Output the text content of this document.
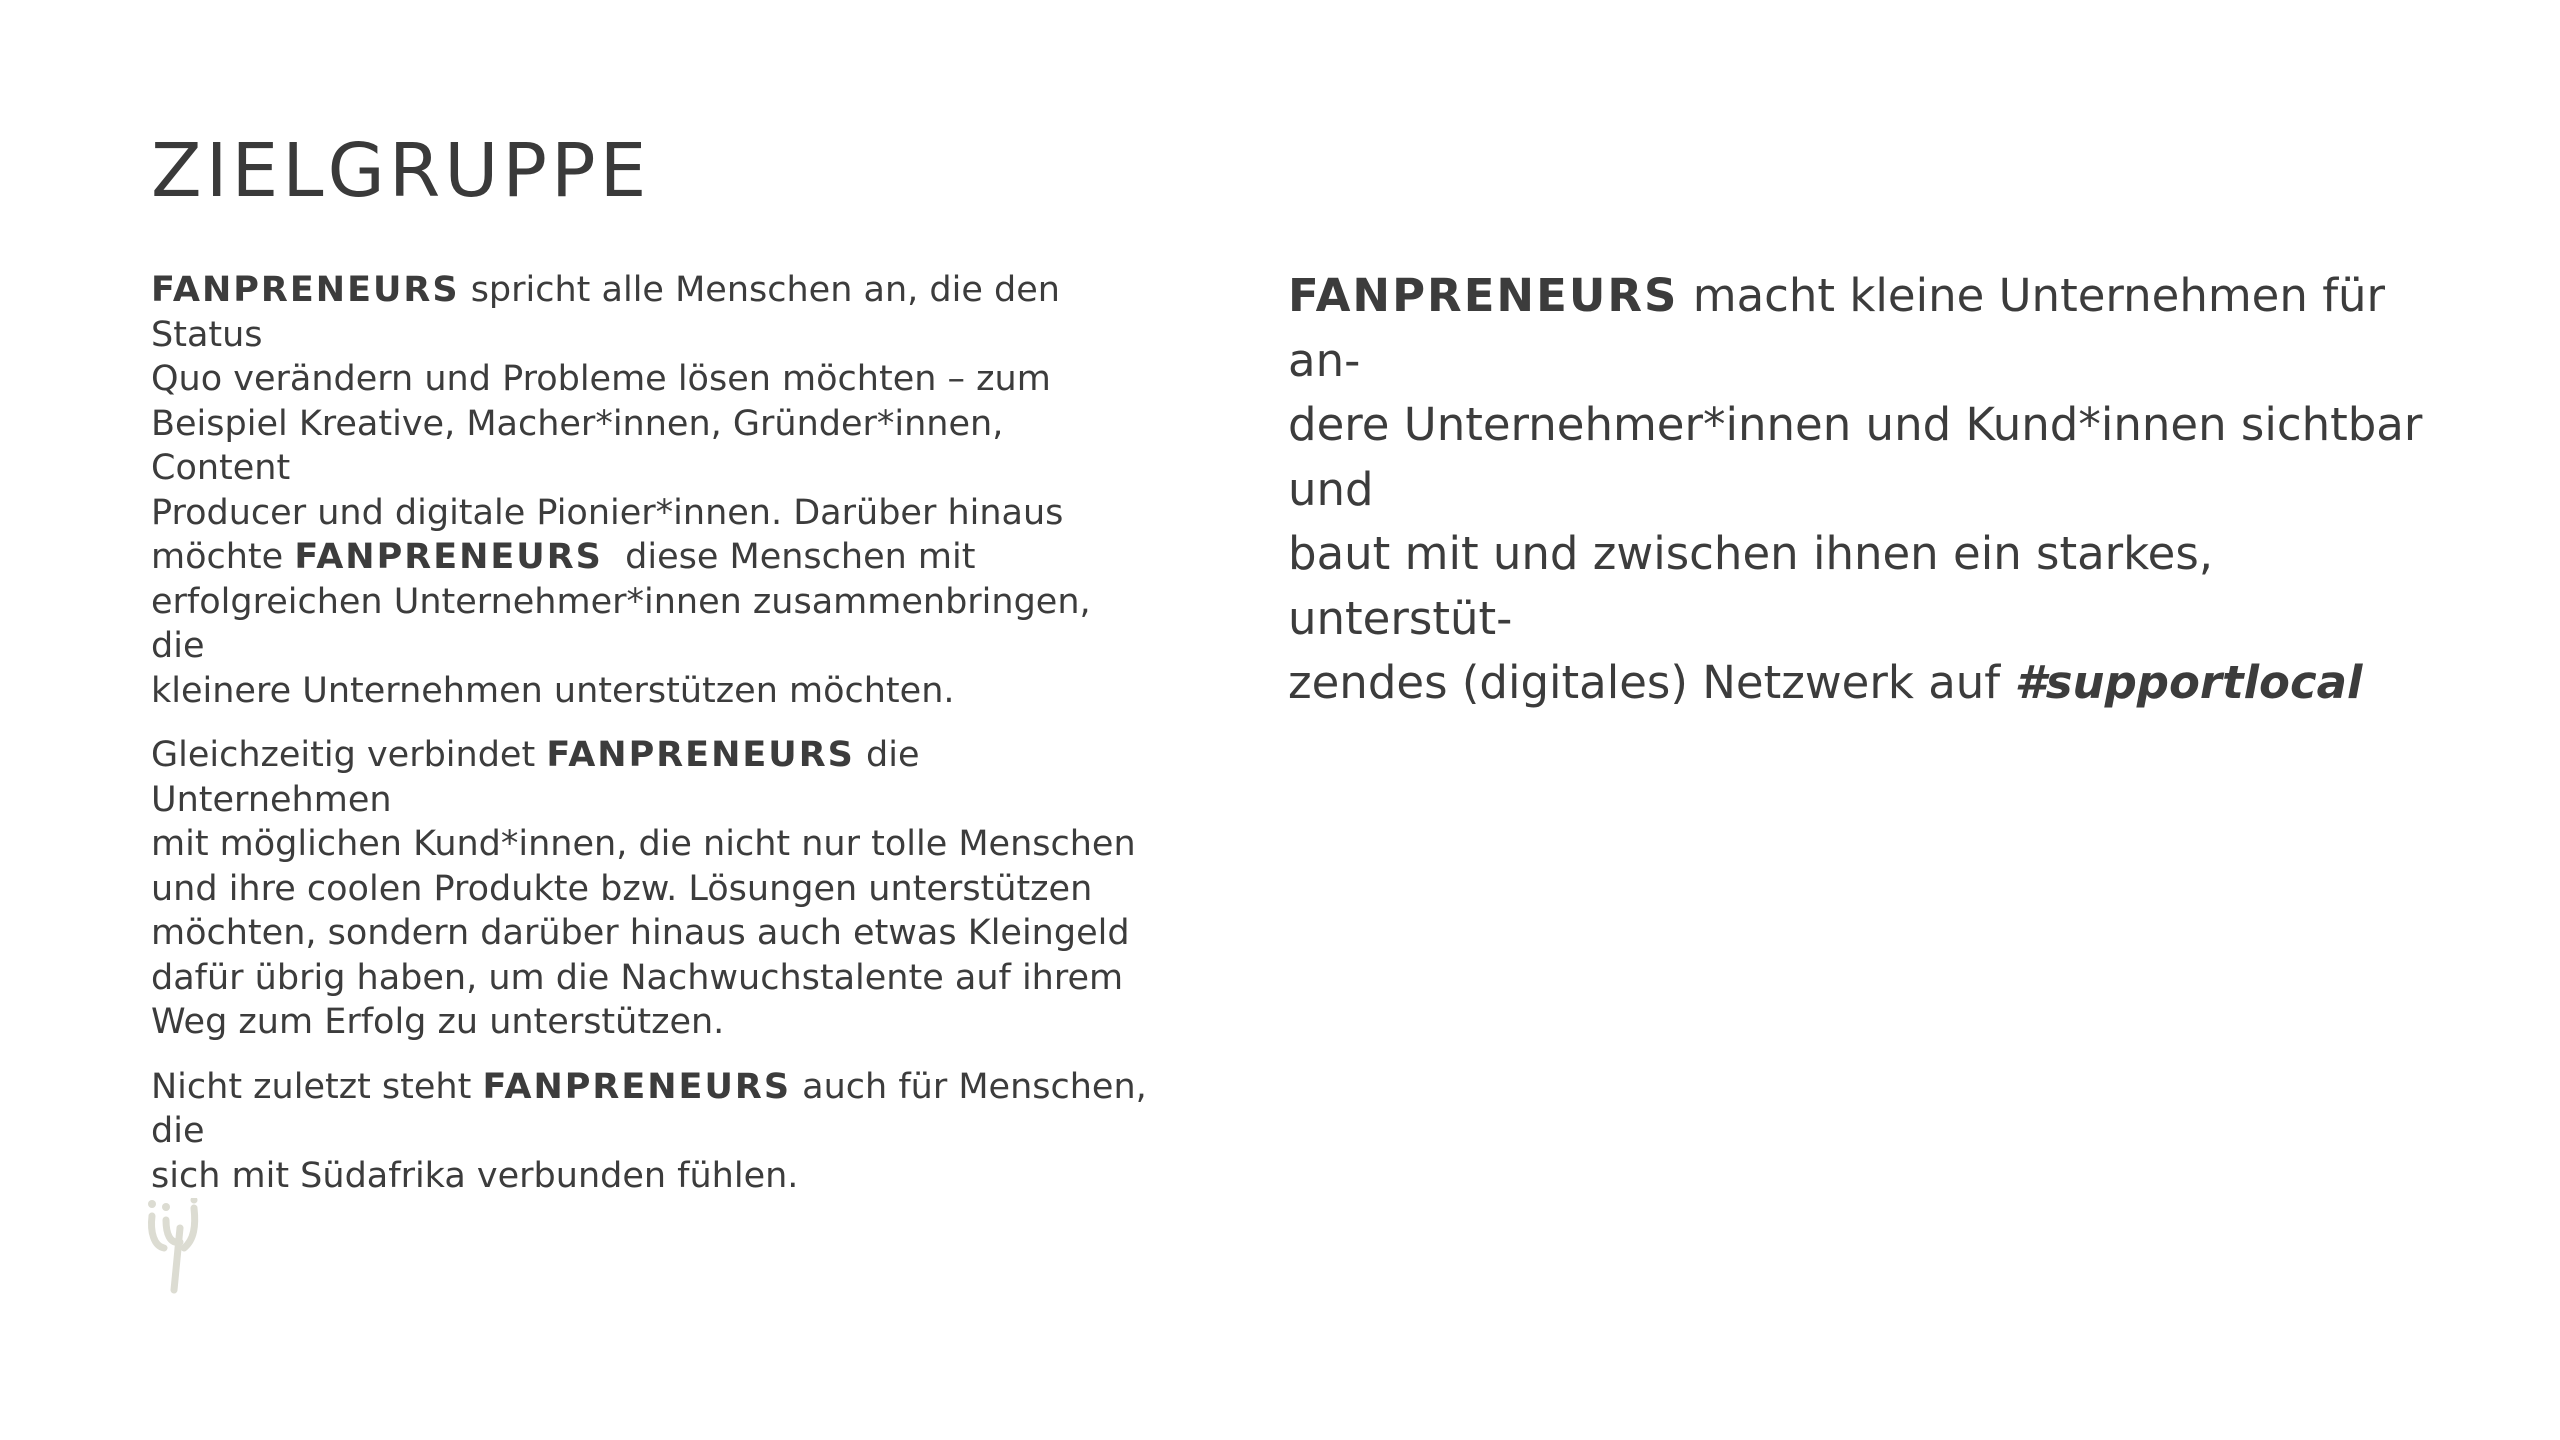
ZIELGRUPPE

FANPRENEURS spricht alle Menschen an, die den Status
Quo verändern und Probleme lösen möchten – zum
Beispiel Kreative, Macher*innen, Gründer*innen, Content
Producer und digitale Pionier*innen. Darüber hinaus
möchte FANPRENEURS  diese Menschen mit
erfolgreichen Unternehmer*innen zusammenbringen, die
kleinere Unternehmen unterstützen möchten.

Gleichzeitig verbindet FANPRENEURS die Unternehmen
mit möglichen Kund*innen, die nicht nur tolle Menschen
und ihre coolen Produkte bzw. Lösungen unterstützen
möchten, sondern darüber hinaus auch etwas Kleingeld
dafür übrig haben, um die Nachwuchstalente auf ihrem
Weg zum Erfolg zu unterstützen.

Nicht zuletzt steht FANPRENEURS auch für Menschen, die
sich mit Südafrika verbunden fühlen.

FANPRENEURS macht kleine Unternehmen für an-
dere Unternehmer*innen und Kund*innen sichtbar und
baut mit und zwischen ihnen ein starkes, unterstüt-
zendes (digitales) Netzwerk auf #supportlocal
